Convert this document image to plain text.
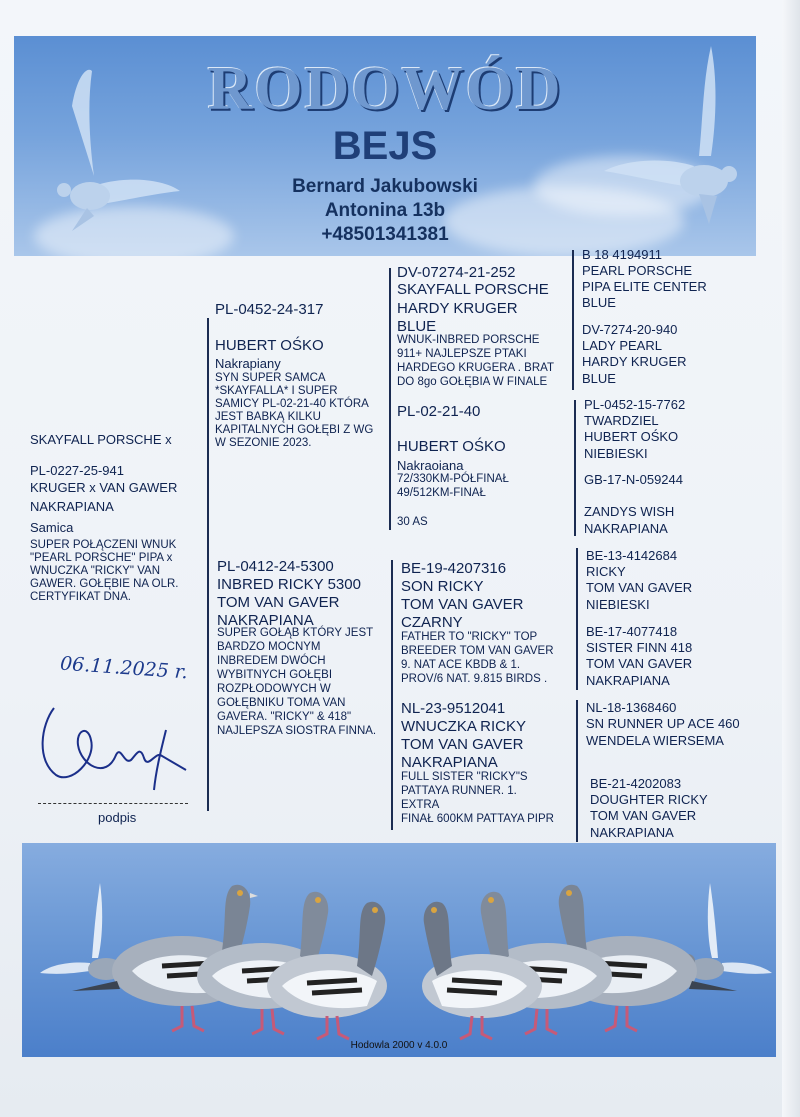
RODOWÓD
BEJS
Bernard Jakubowski
Antonina 13b
+48501341381
SKAYFALL PORSCHE x
PL-0227-25-941
KRUGER x VAN GAWER
NAKRAPIANA
Samica
SUPER POŁĄCZENI WNUK
"PEARL PORSCHE" PIPA x
WNUCZKA "RICKY" VAN
GAWER. GOŁĘBIE NA OLR.
CERTYFIKAT DNA.
06.11.2025 r.
podpis
PL-0452-24-317
HUBERT OŚKO
Nakrapiany
SYN SUPER SAMCA
*SKAYFALLA* I SUPER
SAMICY PL-02-21-40 KTÓRA
JEST BABKĄ KILKU
KAPITALNYCH GOŁĘBI Z WG
W SEZONIE 2023.
PL-0412-24-5300
INBRED RICKY 5300
TOM VAN GAVER
NAKRAPIANA
SUPER GOŁĄB KTÓRY JEST
BARDZO MOCNYM
INBREDEM DWÓCH
WYBITNYCH GOŁĘBI
ROZPŁODOWYCH W
GOŁĘBNIKU TOMA VAN
GAVERA. "RICKY" & 418"
NAJLEPSZA SIOSTRA FINNA.
DV-07274-21-252
SKAYFALL PORSCHE
HARDY KRUGER
BLUE
WNUK-INBRED PORSCHE
911+ NAJLEPSZE PTAKI
HARDEGO KRUGERA . BRAT
DO 8go GOŁĘBIA W FINALE
PL-02-21-40
HUBERT OŚKO
Nakraoiana
72/330KM-PÓŁFINAŁ
49/512KM-FINAŁ
30 AS
BE-19-4207316
SON RICKY
TOM VAN GAVER
CZARNY
FATHER TO "RICKY" TOP
BREEDER TOM VAN GAVER
9. NAT ACE KBDB & 1.
PROV/6 NAT. 9.815 BIRDS .
NL-23-9512041
WNUCZKA RICKY
TOM VAN GAVER
NAKRAPIANA
FULL SISTER "RICKY"S
PATTAYA RUNNER. 1.
EXTRA
FINAŁ 600KM PATTAYA PIPR
B 18 4194911
PEARL PORSCHE
PIPA ELITE CENTER
BLUE
DV-7274-20-940
LADY PEARL
HARDY KRUGER
BLUE
PL-0452-15-7762
TWARDZIEL
HUBERT OŚKO
NIEBIESKI
GB-17-N-059244
ZANDYS WISH
NAKRAPIANA
BE-13-4142684
RICKY
TOM VAN GAVER
NIEBIESKI
BE-17-4077418
SISTER FINN 418
TOM VAN GAVER
NAKRAPIANA
NL-18-1368460
SN RUNNER UP ACE 460
WENDELA WIERSEMA
BE-21-4202083
DOUGHTER RICKY
TOM VAN GAVER
NAKRAPIANA
Hodowla 2000 v 4.0.0
